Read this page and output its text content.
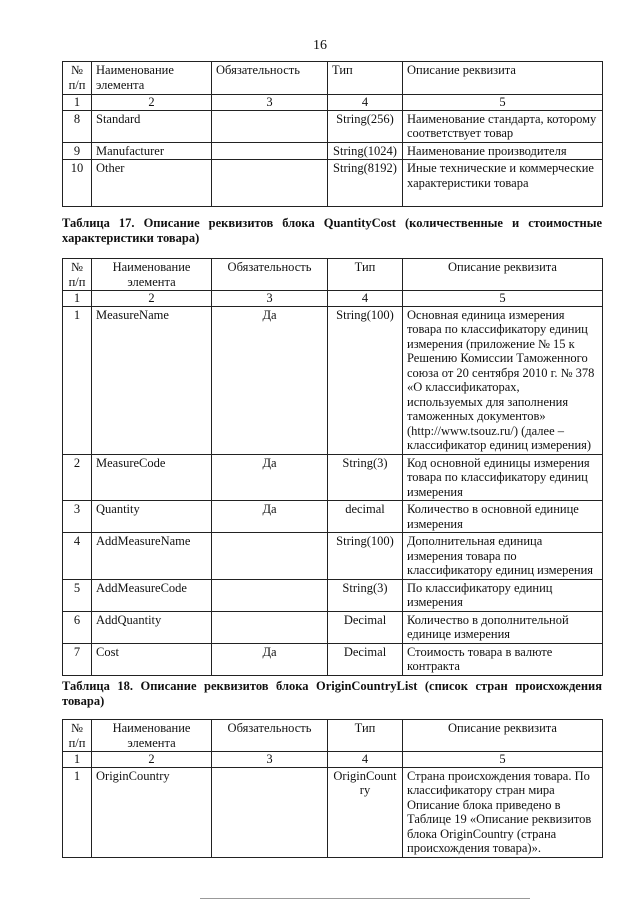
16
№ п/п	Наименование элемента	Обязательность	Тип	Описание реквизита
1	2	3	4	5
8	Standard		String(256)	Наименование стандарта, которому соответствует товар
9	Manufacturer		String(1024)	Наименование производителя
10	Other		String(8192)	Иные технические и коммерческие характеристики товара
Таблица 17. Описание реквизитов блока QuantityCost (количественные и стоимостные характеристики товара)
№ п/п	Наименование элемента	Обязательность	Тип	Описание реквизита
1	2	3	4	5
1	MeasureName	Да	String(100)	Основная единица измерения товара по классификатору единиц измерения (приложение № 15 к Решению Комиссии Таможенного союза от 20 сентября 2010 г. № 378 «О классификаторах, используемых для заполнения таможенных документов» (http://www.tsouz.ru/) (далее – классификатор единиц измерения)
2	MeasureCode	Да	String(3)	Код основной единицы измерения товара по классификатору единиц измерения
3	Quantity	Да	decimal	Количество в основной единице измерения
4	AddMeasureName		String(100)	Дополнительная единица измерения товара по классификатору единиц измерения
5	AddMeasureCode		String(3)	По классификатору единиц измерения
6	AddQuantity		Decimal	Количество в дополнительной единице измерения
7	Cost	Да	Decimal	Стоимость товара в валюте контракта
Таблица 18. Описание реквизитов блока OriginCountryList (список стран происхождения товара)
№ п/п	Наименование элемента	Обязательность	Тип	Описание реквизита
1	2	3	4	5
1	OriginCountry		OriginCountry	Страна происхождения товара. По классификатору стран мира Описание блока приведено в Таблице 19 «Описание реквизитов блока OriginCountry (страна происхождения товара)».
